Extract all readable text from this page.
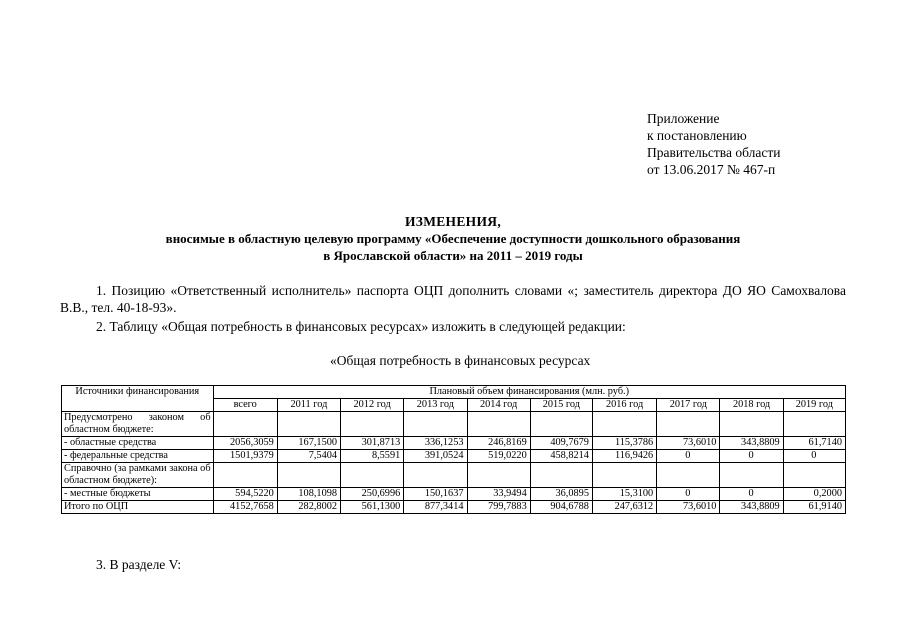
Приложение
к постановлению
Правительства области
от 13.06.2017 № 467-п
ИЗМЕНЕНИЯ,
вносимые в областную целевую программу «Обеспечение доступности дошкольного образования
в Ярославской области» на 2011 – 2019 годы
1. Позицию «Ответственный исполнитель» паспорта ОЦП дополнить словами «; заместитель директора ДО ЯО Самохвалова В.В., тел. 40-18-93».
2. Таблицу «Общая потребность в финансовых ресурсах» изложить в следующей редакции:
«Общая потребность в финансовых ресурсах
Источники финансирования	Плановый объем финансирования (млн. руб.)									
	всего	2011 год	2012 год	2013 год	2014 год	2015 год	2016 год	2017 год	2018 год	2019 год
Предусмотрено законом об областном бюджете:										
- областные средства	2056,3059	167,1500	301,8713	336,1253	246,8169	409,7679	115,3786	73,6010	343,8809	61,7140
- федеральные средства	1501,9379	7,5404	8,5591	391,0524	519,0220	458,8214	116,9426	0	0	0
Справочно (за рамками закона об областном бюджете):										
- местные бюджеты	594,5220	108,1098	250,6996	150,1637	33,9494	36,0895	15,3100	0	0	0,2000
Итого по ОЦП	4152,7658	282,8002	561,1300	877,3414	799,7883	904,6788	247,6312	73,6010	343,8809	61,9140
3. В разделе V:
